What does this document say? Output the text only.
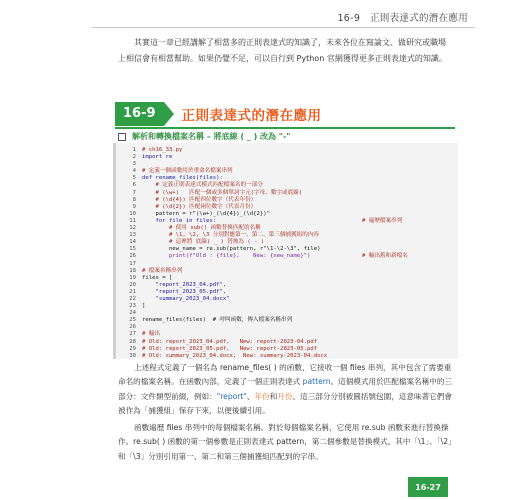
16-9　正則表達式的潛在應用
其實這一章已經講解了相當多的正則表達式的知識了，未來各位在寫論文、做研究或職場上相信會有相當幫助。如果仍覺不足，可以自行到 Python 官網獲得更多正則表達式的知識。
16-9	正則表達式的潛在應用
解析和轉換檔案名稱 – 將底線 ( _ ) 改為 "-"
1	# ch16_33.py
2	import re
3
4	# 定義一個函數用於重命名檔案串列
5	def rename_files(files):
6	# 定義正則表達式模式匹配檔案名的一部分
7	# (\w+)   匹配一個或多個單詞字元(字母、數字或底線)
8	# (\d{4}) 匹配四位數字（代表年份）
9	# (\d{2}) 匹配兩位數字（代表月份）
10	pattern = r"(\w+)_(\d{4})_(\d{2})"
11	for file in files:	# 遍歷檔案串列
12	# 使用 sub() 函數替換匹配的名稱
13	# \1, \2, \3 分別對應第一、第二、第三個捕獲組的內容
14	# 這裡將 底線( _ ) 替換為 ( - )
15	new_name = re.sub(pattern, r"\1-\2-\3", file)
16	print(f"Old : {file},    New: {new_name}")	# 輸出舊和新檔名
17
18	# 檔案名稱串列
19	files = [
20	"report_2023_04.pdf",
21	"report_2023_05.pdf",
22	"summary_2023_04.docx"
23	]
24
25	rename_files(files)  # 呼叫函數，傳入檔案名稱串列
26
27	# 輸出
28	# Old: report_2023_04.pdf,   New: report-2023-04.pdf
29	# Old: report_2023_05.pdf,   New: report-2023-05.pdf
30	# Old: summary_2023_04.docx,  New: summary-2023-04.docx
上述程式定義了一個名為 rename_files( ) 的函數，它接收一個 files 串列，其中包含了需要重命名的檔案名稱。在函數內部，定義了一個正則表達式 pattern。這個模式用於匹配檔案名稱中的三部分：文件類型前綴，例如："report"、年份和月份。這三部分分別被圓括號包圍，這意味著它們會被作為「捕獲組」保存下來，以便後續引用。
函數遍歷 files 串列中的每個檔案名稱。對於每個檔案名稱，它使用 re.sub 函數來進行替換操作。re.sub( ) 函數的第一個參數是正則表達式 pattern，第二個參數是替換模式，其中「\1」、「\2」和「\3」分別引用第一、第二和第三個捕獲組匹配到的字串。
16-27
